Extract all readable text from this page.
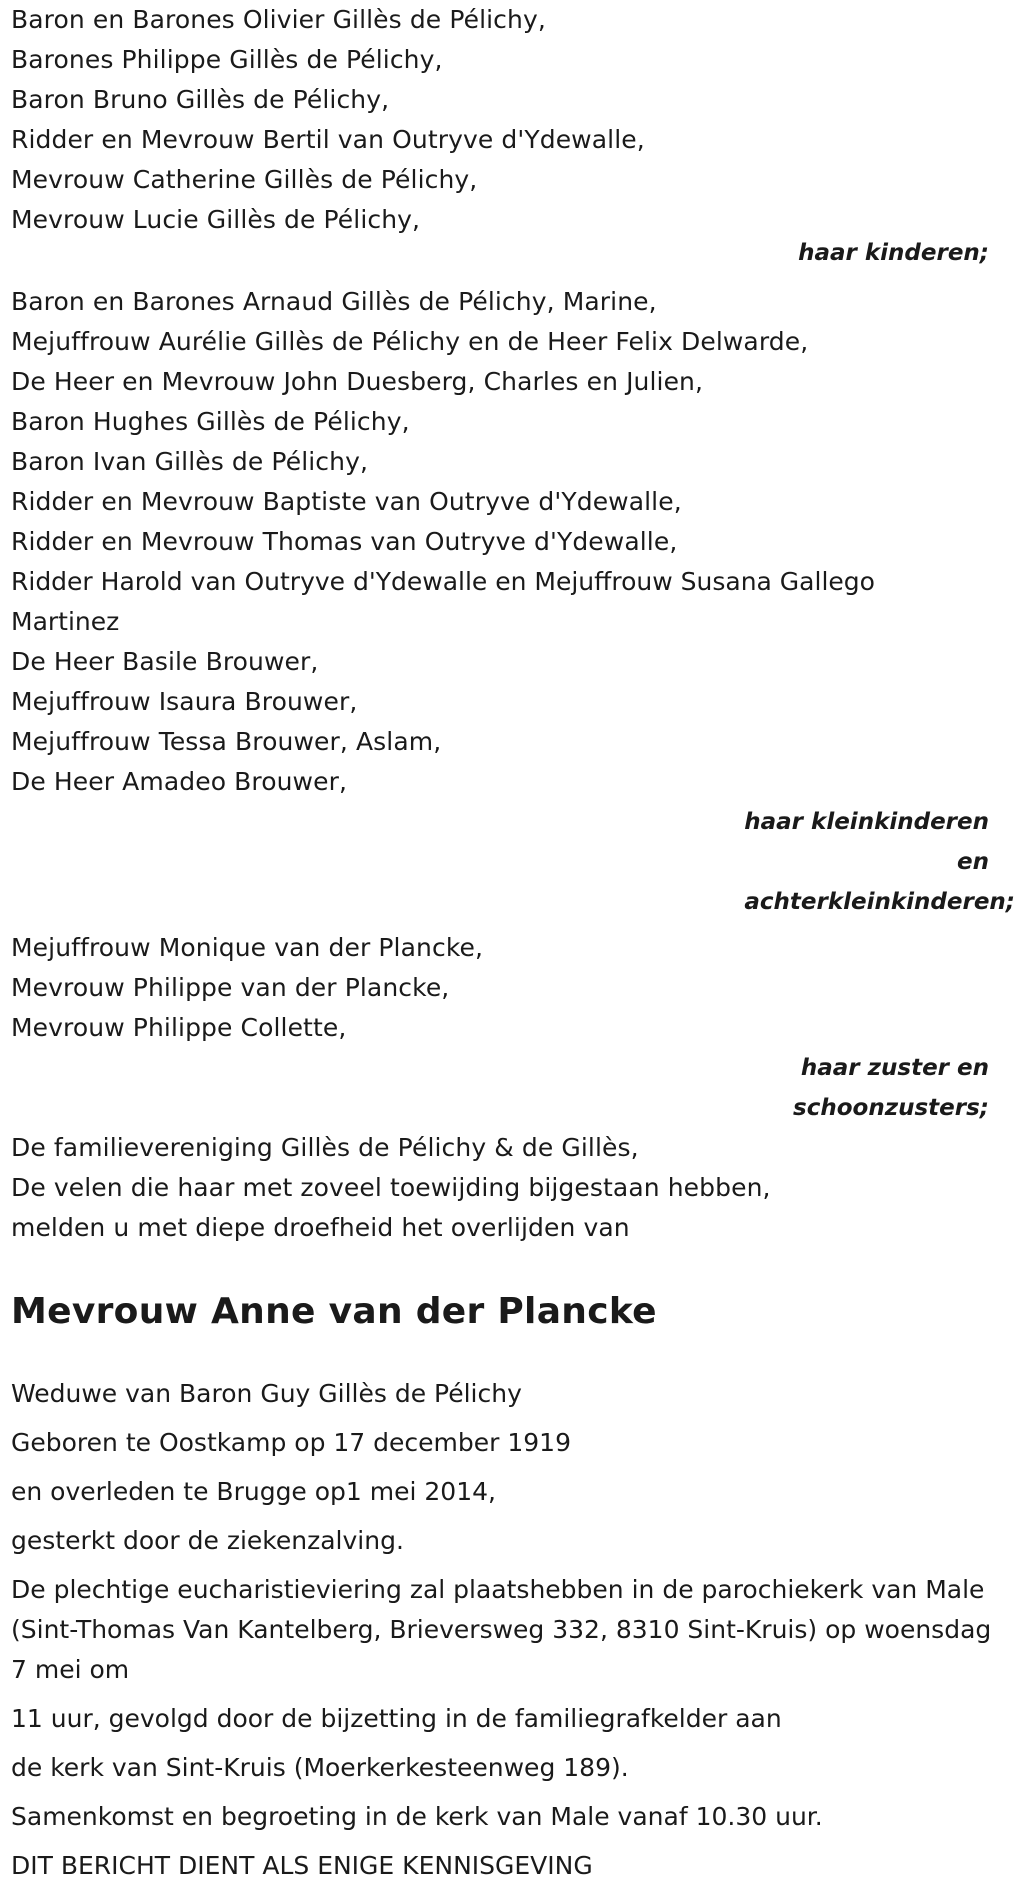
Baron en Barones Olivier Gillès de Pélichy,
Barones Philippe Gillès de Pélichy,
Baron Bruno Gillès de Pélichy,
Ridder en Mevrouw Bertil van Outryve d'Ydewalle,
Mevrouw Catherine Gillès de Pélichy,
Mevrouw Lucie Gillès de Pélichy,
haar kinderen;
Baron en Barones Arnaud Gillès de Pélichy, Marine,
Mejuffrouw Aurélie Gillès de Pélichy en de Heer Felix Delwarde,
De Heer en Mevrouw John Duesberg, Charles en Julien,
Baron Hughes Gillès de Pélichy,
Baron Ivan Gillès de Pélichy,
Ridder en Mevrouw Baptiste van Outryve d'Ydewalle,
Ridder en Mevrouw Thomas van Outryve d'Ydewalle,
Ridder Harold van Outryve d'Ydewalle en Mejuffrouw Susana Gallego Martinez
De Heer Basile Brouwer,
Mejuffrouw Isaura Brouwer,
Mejuffrouw Tessa Brouwer, Aslam,
De Heer Amadeo Brouwer,
haar kleinkinderen
en
achterkleinkinderen;
Mejuffrouw Monique van der Plancke,
Mevrouw Philippe van der Plancke,
Mevrouw Philippe Collette,
haar zuster en
schoonzusters;
De familievereniging Gillès de Pélichy & de Gillès,
De velen die haar met zoveel toewijding bijgestaan hebben,
melden u met diepe droefheid het overlijden van
Mevrouw Anne van der Plancke
Weduwe van Baron Guy Gillès de Pélichy
Geboren te Oostkamp op 17 december 1919
en overleden te Brugge op1 mei 2014,
gesterkt door de ziekenzalving.
De plechtige eucharistieviering zal plaatshebben in de parochiekerk van Male (Sint-Thomas Van Kantelberg, Brieversweg 332, 8310 Sint-Kruis) op woensdag 7 mei om
11 uur, gevolgd door de bijzetting in de familiegrafkelder aan
de kerk van Sint-Kruis (Moerkerkesteenweg 189).
Samenkomst en begroeting in de kerk van Male vanaf 10.30 uur.
DIT BERICHT DIENT ALS ENIGE KENNISGEVING
